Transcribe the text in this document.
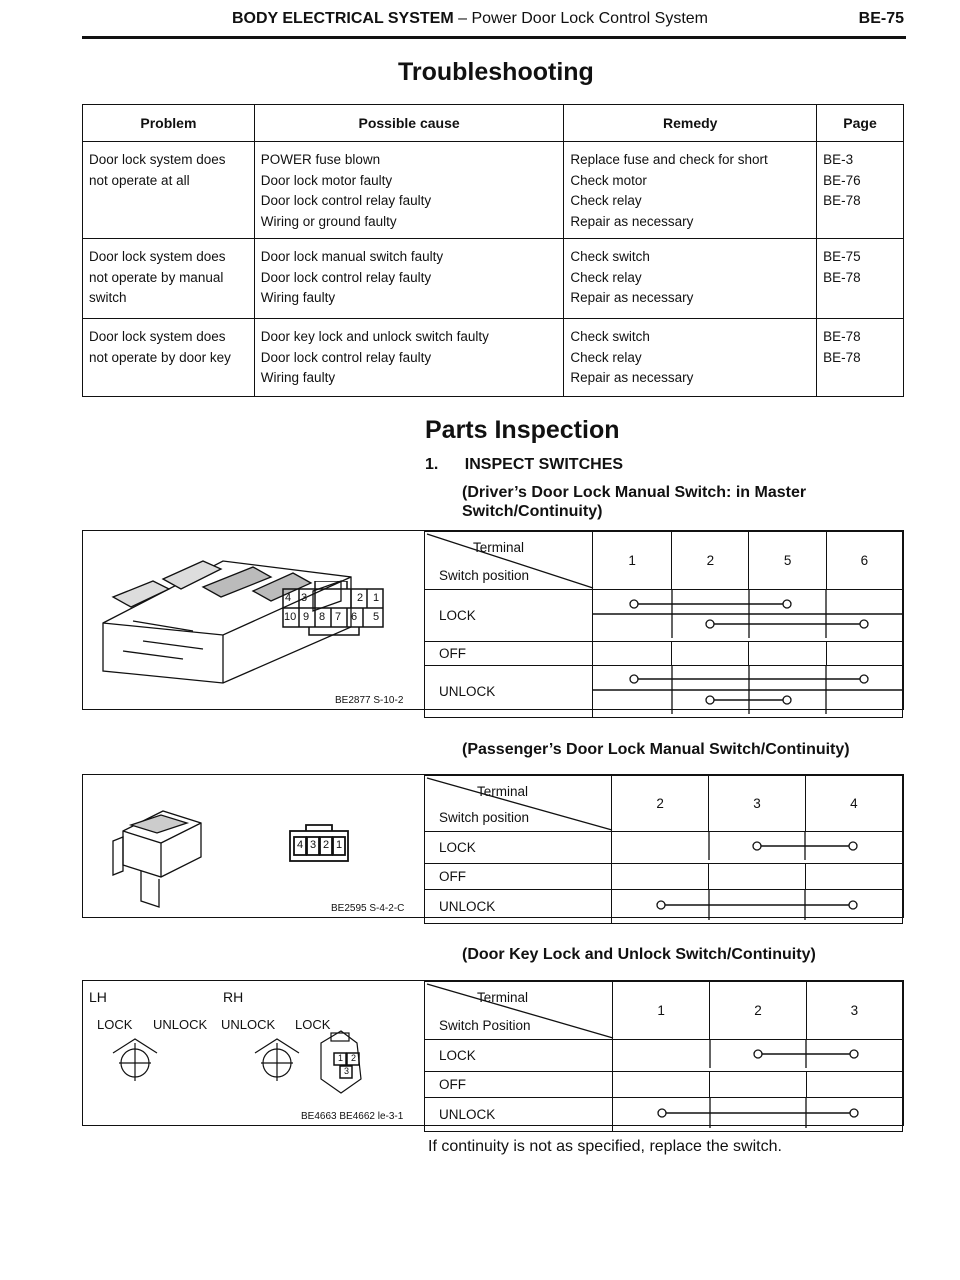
BODY ELECTRICAL SYSTEM – Power Door Lock Control System	BE-75
Troubleshooting
Problem	Possible cause	Remedy	Page

Door lock system does
not operate at all	POWER fuse blown
Door lock motor faulty
Door lock control relay faulty
Wiring or ground faulty	Replace fuse and check for short
Check motor
Check relay
Repair as necessary	BE-3
BE-76
BE-78

Door lock system does
not operate by manual
switch	Door lock manual switch faulty
Door lock control relay faulty
Wiring faulty	Check switch
Check relay
Repair as necessary	BE-75
BE-78

Door lock system does
not operate by door key	Door key lock and unlock switch faulty
Door lock control relay faulty
Wiring faulty	Check switch
Check relay
Repair as necessary	BE-78
BE-78
Parts Inspection
1. INSPECT SWITCHES
(Driver’s Door Lock Manual Switch: in Master
Switch/Continuity)
4 3	2 1
10 9 8 7 6 5
BE2877 S-10-2
Terminal
Switch position	1	2	5	6
LOCK	
OFF				
UNLOCK	
(Passenger’s Door Lock Manual Switch/Continuity)
4 3 2 1
BE2595 S-4-2-C
Terminal
Switch position	2	3	4
LOCK	
OFF			
UNLOCK	
(Door Key Lock and Unlock Switch/Continuity)
LH	RH
LOCK UNLOCK UNLOCK LOCK
1 2
3
BE4663 BE4662 le-3-1
Terminal
Switch Position	1	2	3
LOCK	
OFF			
UNLOCK	
If continuity is not as specified, replace the switch.
